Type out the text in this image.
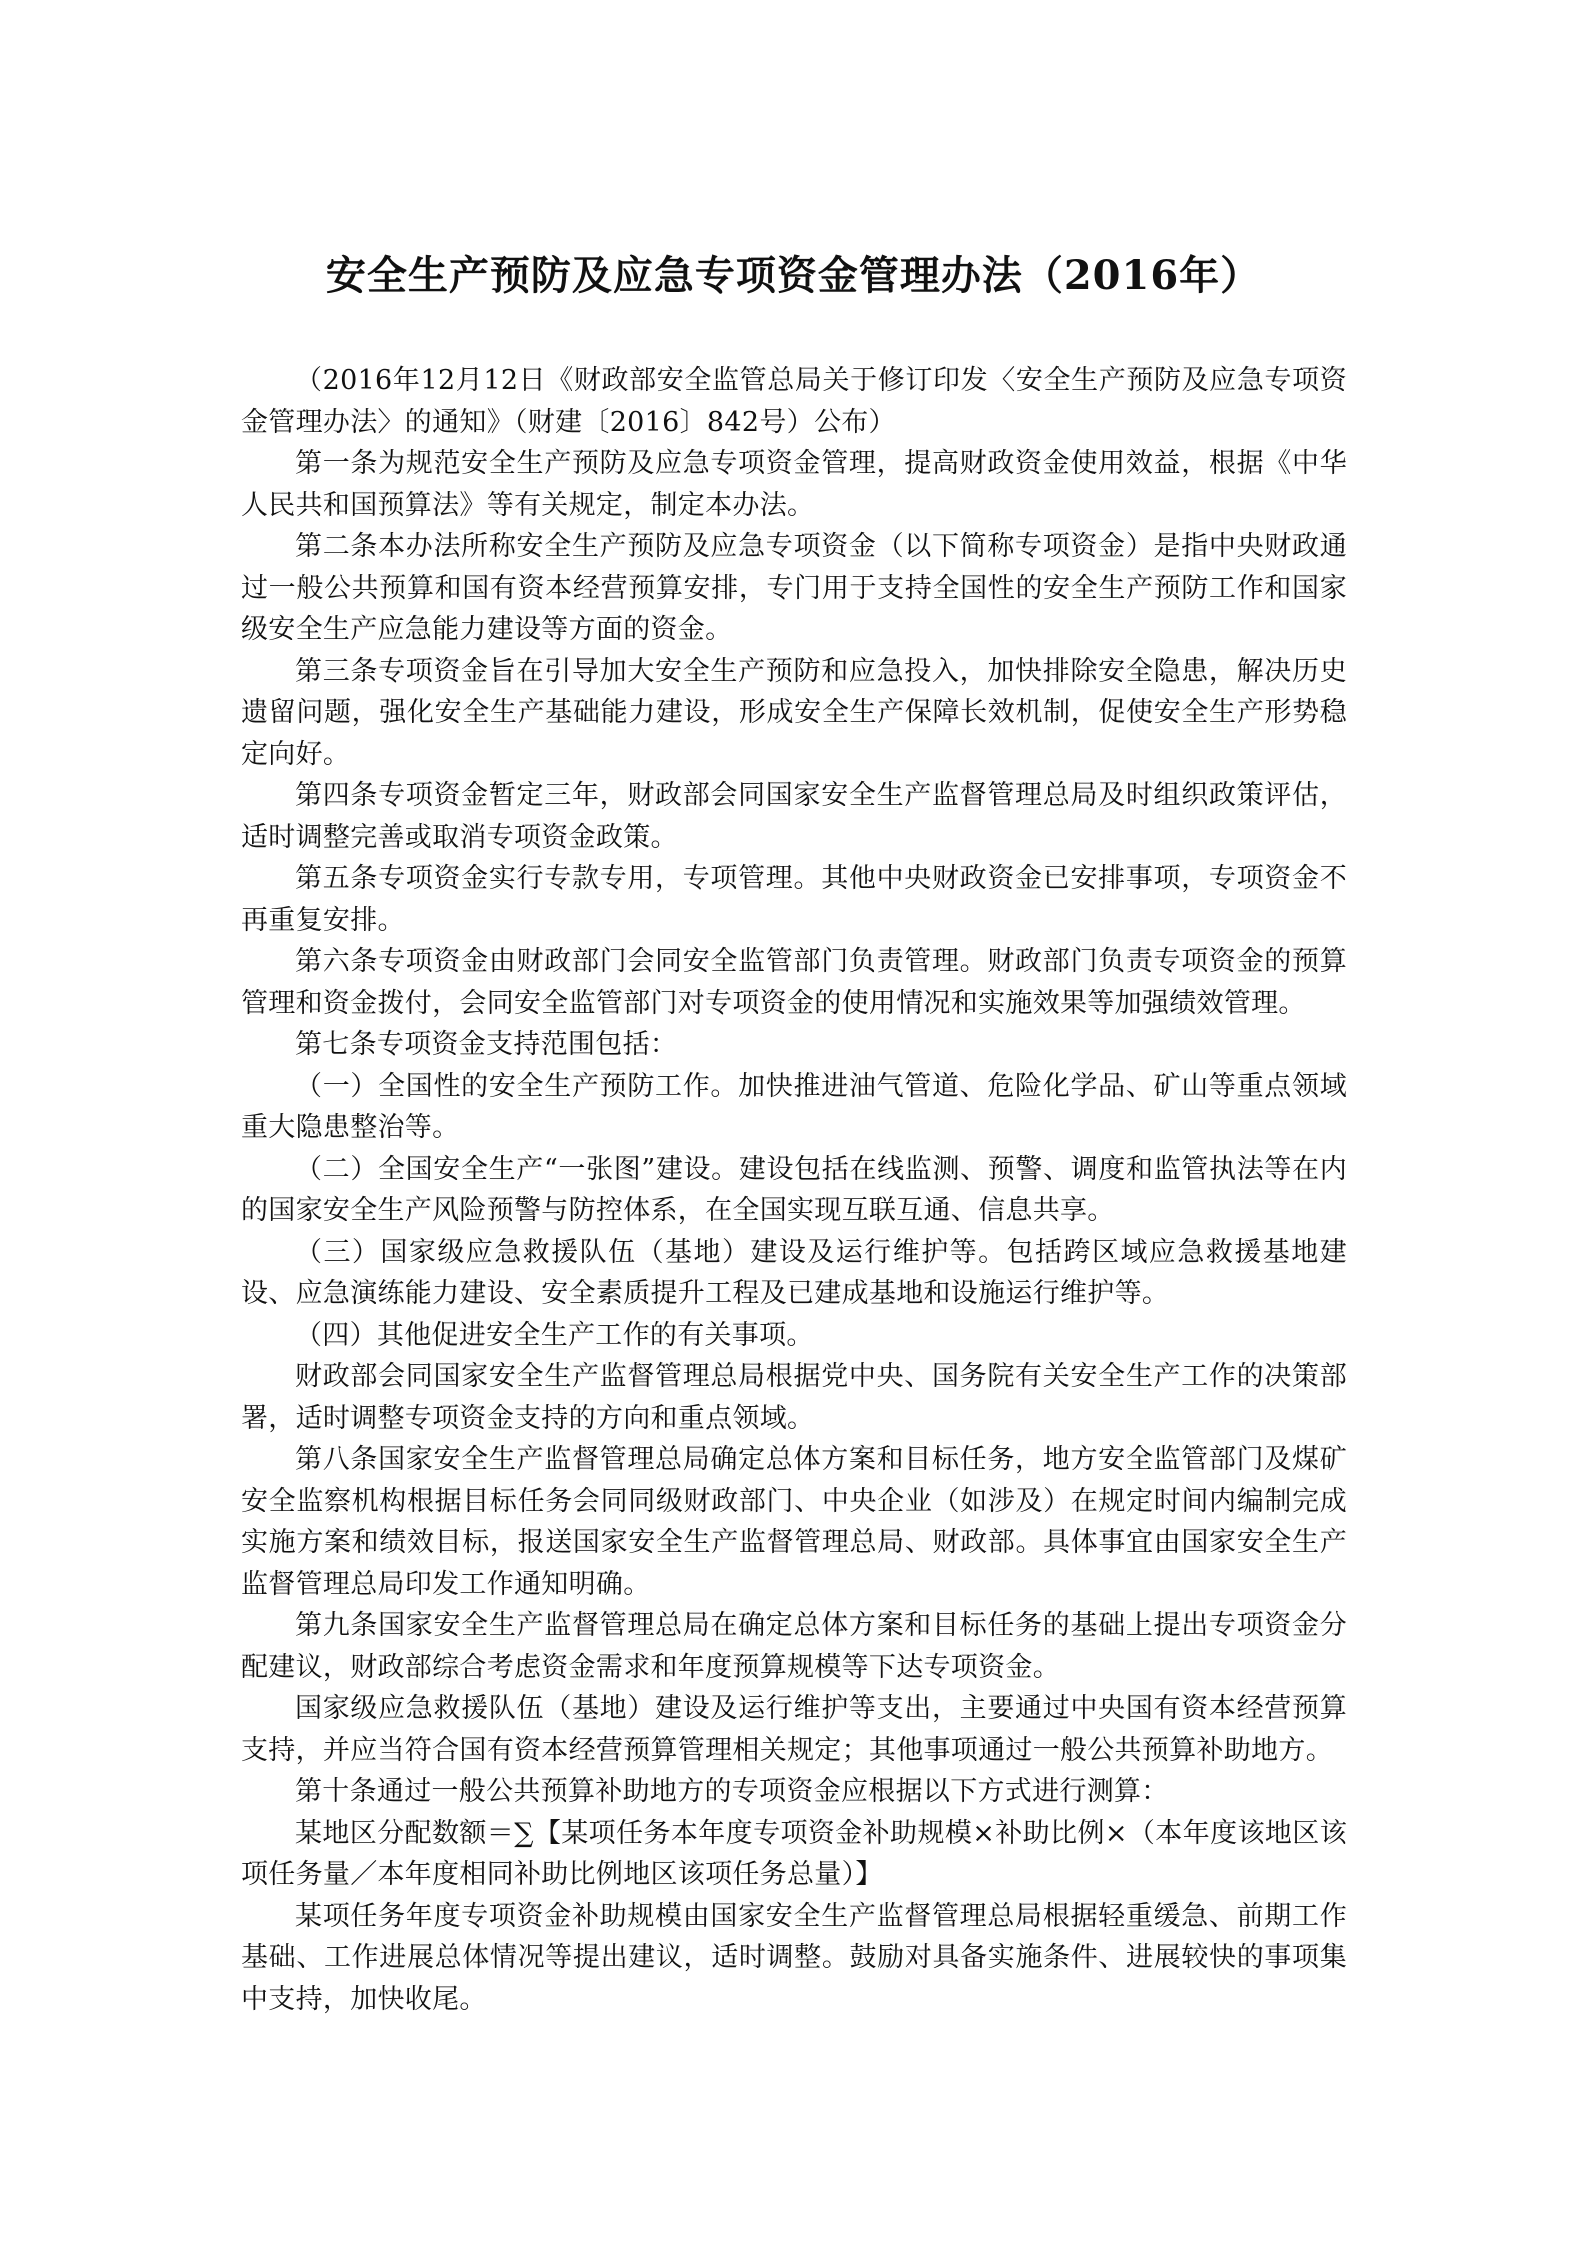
安全生产预防及应急专项资金管理办法（2016年）

（2016年12月12日《财政部安全监管总局关于修订印发〈安全生产预防及应急专项资金管理办法〉的通知》（财建〔2016〕842号）公布）

第一条为规范安全生产预防及应急专项资金管理，提高财政资金使用效益，根据《中华人民共和国预算法》等有关规定，制定本办法。

第二条本办法所称安全生产预防及应急专项资金（以下简称专项资金）是指中央财政通过一般公共预算和国有资本经营预算安排，专门用于支持全国性的安全生产预防工作和国家级安全生产应急能力建设等方面的资金。

第三条专项资金旨在引导加大安全生产预防和应急投入，加快排除安全隐患，解决历史遗留问题，强化安全生产基础能力建设，形成安全生产保障长效机制，促使安全生产形势稳定向好。

第四条专项资金暂定三年，财政部会同国家安全生产监督管理总局及时组织政策评估，适时调整完善或取消专项资金政策。

第五条专项资金实行专款专用，专项管理。其他中央财政资金已安排事项，专项资金不再重复安排。

第六条专项资金由财政部门会同安全监管部门负责管理。财政部门负责专项资金的预算管理和资金拨付，会同安全监管部门对专项资金的使用情况和实施效果等加强绩效管理。

第七条专项资金支持范围包括：

（一）全国性的安全生产预防工作。加快推进油气管道、危险化学品、矿山等重点领域重大隐患整治等。

（二）全国安全生产“一张图”建设。建设包括在线监测、预警、调度和监管执法等在内的国家安全生产风险预警与防控体系，在全国实现互联互通、信息共享。

（三）国家级应急救援队伍（基地）建设及运行维护等。包括跨区域应急救援基地建设、应急演练能力建设、安全素质提升工程及已建成基地和设施运行维护等。

（四）其他促进安全生产工作的有关事项。

财政部会同国家安全生产监督管理总局根据党中央、国务院有关安全生产工作的决策部署，适时调整专项资金支持的方向和重点领域。

第八条国家安全生产监督管理总局确定总体方案和目标任务，地方安全监管部门及煤矿安全监察机构根据目标任务会同同级财政部门、中央企业（如涉及）在规定时间内编制完成实施方案和绩效目标，报送国家安全生产监督管理总局、财政部。具体事宜由国家安全生产监督管理总局印发工作通知明确。

第九条国家安全生产监督管理总局在确定总体方案和目标任务的基础上提出专项资金分配建议，财政部综合考虑资金需求和年度预算规模等下达专项资金。

国家级应急救援队伍（基地）建设及运行维护等支出，主要通过中央国有资本经营预算支持，并应当符合国有资本经营预算管理相关规定；其他事项通过一般公共预算补助地方。

第十条通过一般公共预算补助地方的专项资金应根据以下方式进行测算：

某地区分配数额＝∑【某项任务本年度专项资金补助规模×补助比例×（本年度该地区该项任务量／本年度相同补助比例地区该项任务总量）】

某项任务年度专项资金补助规模由国家安全生产监督管理总局根据轻重缓急、前期工作基础、工作进展总体情况等提出建议，适时调整。鼓励对具备实施条件、进展较快的事项集中支持，加快收尾。
